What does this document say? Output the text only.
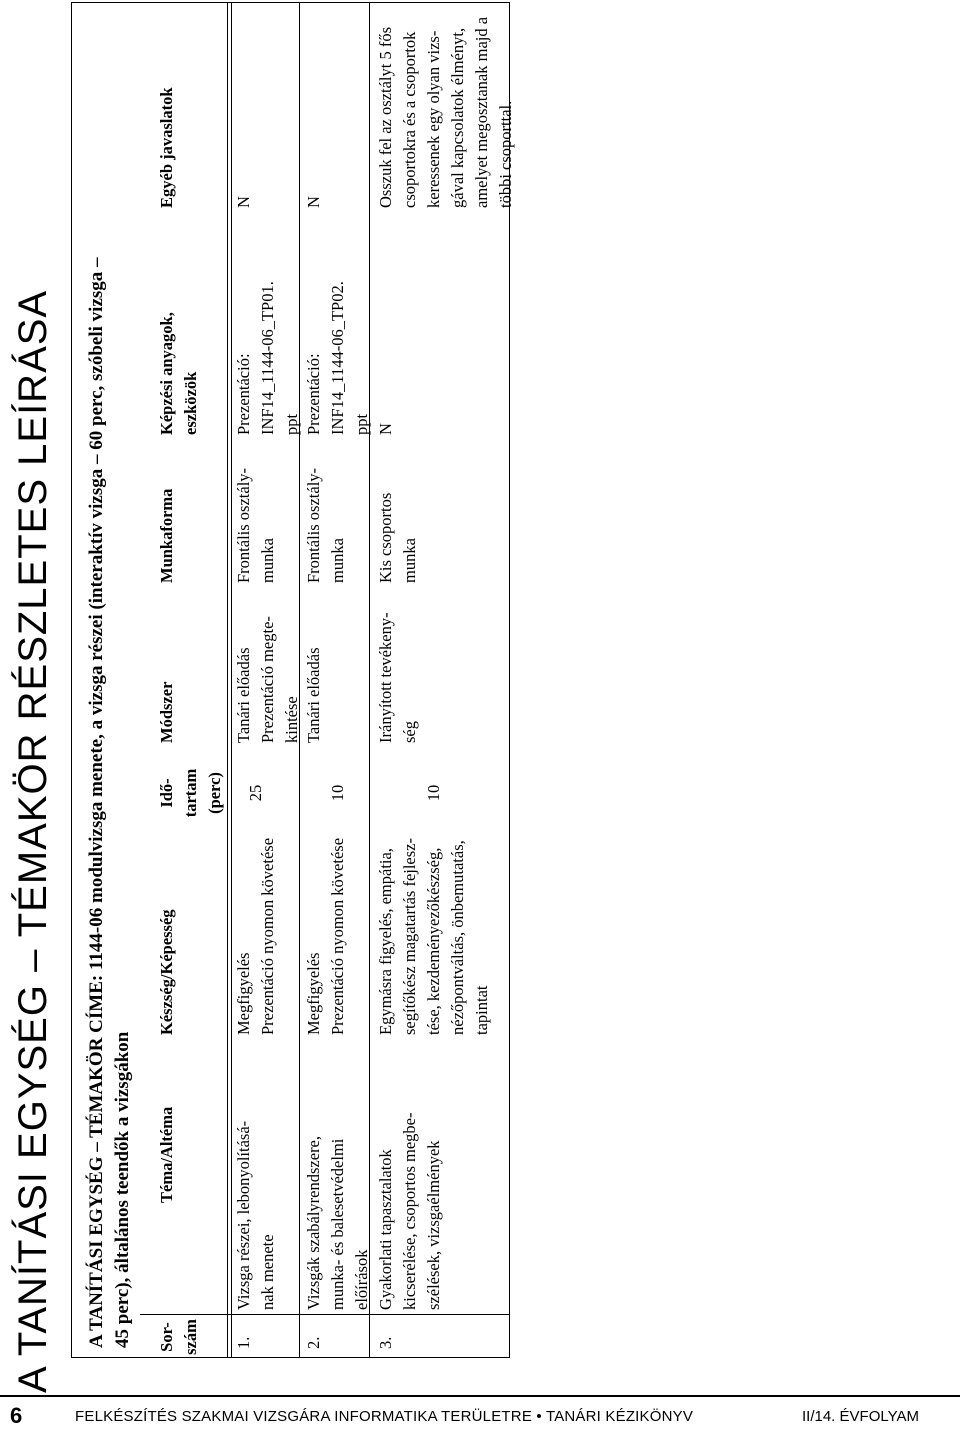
A TANÍTÁSI EGYSÉG – TÉMAKÖR RÉSZLETES LEÍRÁSA A TANÍTÁSI EGYSÉG – TÉMAKÖR CÍME: 1144-06 modulvizsga menete, a vizsga részei (interaktív vizsga – 60 perc, szóbeli vizsga – 45 perc), általános teendők a vizsgákon Sor- szám
Téma/Altéma
Készség/Képesség
Idő- tartam (perc)
Módszer
Munkaforma
Képzési anyagok, eszközök
Egyéb javaslatok
1.
Vizsga részei, lebonyolításá- nak menete
Megfigyelés Prezentáció nyomon követése
25
Tanári előadás Prezentáció megte- kintése
Frontális osztály- munka
Prezentáció: INF14_1144-06_TP01. ppt
N
2.
Vizsgák szabályrendszere, munka- és balesetvédelmi előírások
Megfigyelés Prezentáció nyomon követése
10
Tanári előadás
Frontális osztály- munka
Prezentáció: INF14_1144-06_TP02. ppt
N
3.
Gyakorlati tapasztalatok kicserélése, csoportos megbe- szélések, vizsgaélmények
Egymásra figyelés, empátia, segítőkész magatartás fejlesz- tése, kezdeményezőkészség, nézőpontváltás, önbemutatás, tapintat
10
Irányított tevékeny- ség
Kis csoportos munka
N
Osszuk fel az osztályt 5 fős csoportokra és a csoportok keressenek egy olyan vizs- gával kapcsolatok élményt, amelyet megosztanak majd a többi csoporttal.
6	FELKÉSZÍTÉS SZAKMAI VIZSGÁRA INFORMATIKA TERÜLETRE • TANÁRI KÉZIKÖNYV	II/14. ÉVFOLYAM
